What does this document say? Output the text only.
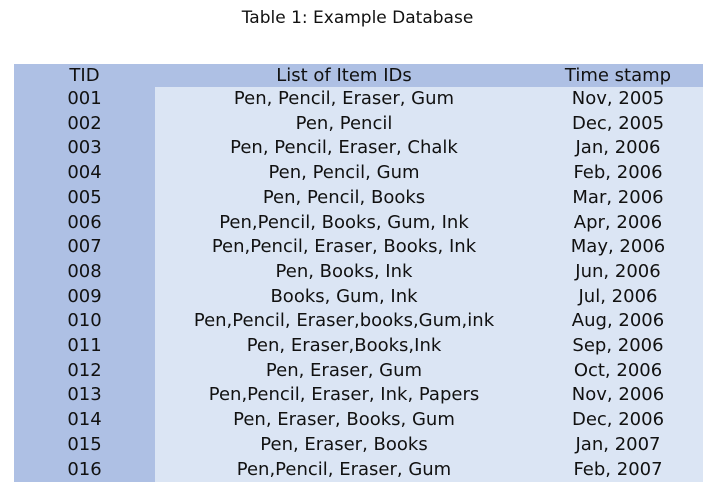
Table 1: Example Database
TID	List of Item IDs	Time stamp
001	Pen, Pencil, Eraser, Gum	Nov, 2005
002	Pen, Pencil	Dec, 2005
003	Pen, Pencil, Eraser, Chalk	Jan, 2006
004	Pen, Pencil, Gum	Feb, 2006
005	Pen, Pencil, Books	Mar, 2006
006	Pen,Pencil, Books, Gum, Ink	Apr, 2006
007	Pen,Pencil, Eraser, Books, Ink	May, 2006
008	Pen, Books, Ink	Jun, 2006
009	Books, Gum, Ink	Jul, 2006
010	Pen,Pencil, Eraser,books,Gum,ink	Aug, 2006
011	Pen, Eraser,Books,Ink	Sep, 2006
012	Pen, Eraser, Gum	Oct, 2006
013	Pen,Pencil, Eraser, Ink, Papers	Nov, 2006
014	Pen, Eraser, Books, Gum	Dec, 2006
015	Pen, Eraser, Books	Jan, 2007
016	Pen,Pencil, Eraser, Gum	Feb, 2007
